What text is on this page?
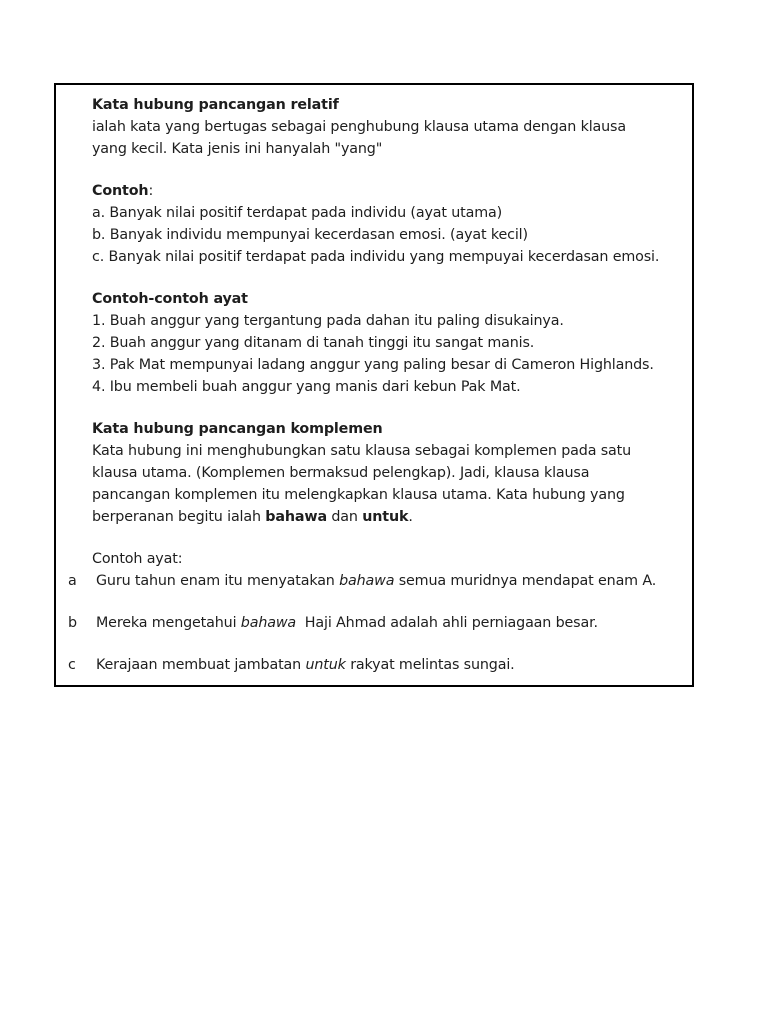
Kata hubung pancangan relatif
ialah kata yang bertugas sebagai penghubung klausa utama dengan klausa
yang kecil. Kata jenis ini hanyalah "yang"
Contoh:
a. Banyak nilai positif terdapat pada individu (ayat utama)
b. Banyak individu mempunyai kecerdasan emosi. (ayat kecil)
c. Banyak nilai positif terdapat pada individu yang mempuyai kecerdasan emosi.
Contoh-contoh ayat
1. Buah anggur yang tergantung pada dahan itu paling disukainya.
2. Buah anggur yang ditanam di tanah tinggi itu sangat manis.
3. Pak Mat mempunyai ladang anggur yang paling besar di Cameron Highlands.
4. Ibu membeli buah anggur yang manis dari kebun Pak Mat.
Kata hubung pancangan komplemen
Kata hubung ini menghubungkan satu klausa sebagai komplemen pada satu
klausa utama. (Komplemen bermaksud pelengkap). Jadi, klausa klausa
pancangan komplemen itu melengkapkan klausa utama. Kata hubung yang
berperanan begitu ialah bahawa dan untuk.
Contoh ayat:
a Guru tahun enam itu menyatakan bahawa semua muridnya mendapat enam A.
b Mereka mengetahui bahawa  Haji Ahmad adalah ahli perniagaan besar.
c Kerajaan membuat jambatan untuk rakyat melintas sungai.
